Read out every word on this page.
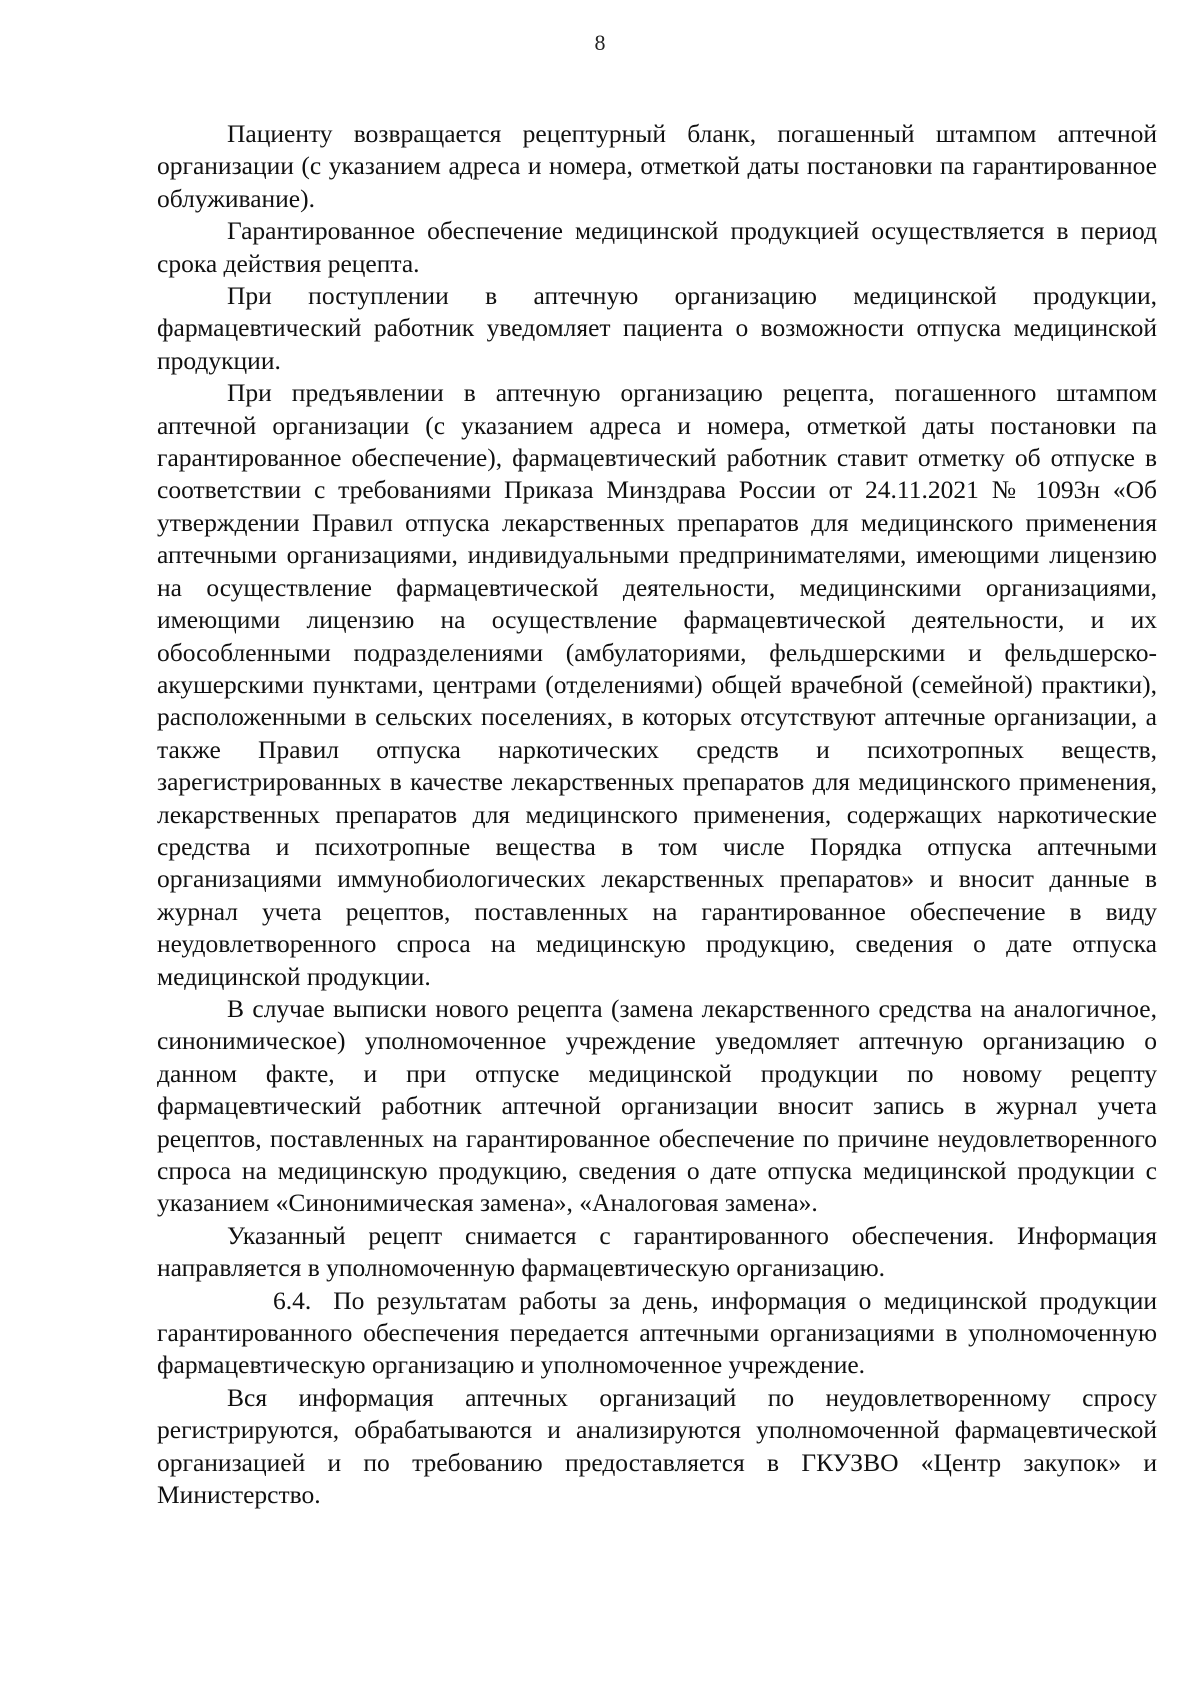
8

Пациенту возвращается рецептурный бланк, погашенный штампом аптечной организации (с указанием адреса и номера, отметкой даты постановки па гарантированное облуживание).

Гарантированное обеспечение медицинской продукцией осуществляется в период срока действия рецепта.

При поступлении в аптечную организацию медицинской продукции, фармацевтический работник уведомляет пациента о возможности отпуска медицинской продукции.

При предъявлении в аптечную организацию рецепта, погашенного штампом аптечной организации (с указанием адреса и номера, отметкой даты постановки па гарантированное обеспечение), фармацевтический работник ставит отметку об отпуске в соответствии с требованиями Приказа Минздрава России от 24.11.2021 № 1093н «Об утверждении Правил отпуска лекарственных препаратов для медицинского применения аптечными организациями, индивидуальными предпринимателями, имеющими лицензию на осуществление фармацевтической деятельности, медицинскими организациями, имеющими лицензию на осуществление фармацевтической деятельности, и их обособленными подразделениями (амбулаториями, фельдшерскими и фельдшерско-акушерскими пунктами, центрами (отделениями) общей врачебной (семейной) практики), расположенными в сельских поселениях, в которых отсутствуют аптечные организации, а также Правил отпуска наркотических средств и психотропных веществ, зарегистрированных в качестве лекарственных препаратов для медицинского применения, лекарственных препаратов для медицинского применения, содержащих наркотические средства и психотропные вещества в том числе Порядка отпуска аптечными организациями иммунобиологических лекарственных препаратов» и вносит данные в журнал учета рецептов, поставленных на гарантированное обеспечение в виду неудовлетворенного спроса на медицинскую продукцию, сведения о дате отпуска медицинской продукции.

В случае выписки нового рецепта (замена лекарственного средства на аналогичное, синонимическое) уполномоченное учреждение уведомляет аптечную организацию о данном факте, и при отпуске медицинской продукции по новому рецепту фармацевтический работник аптечной организации вносит запись в журнал учета рецептов, поставленных на гарантированное обеспечение по причине неудовлетворенного спроса на медицинскую продукцию, сведения о дате отпуска медицинской продукции с указанием «Синонимическая замена», «Аналоговая замена».

Указанный рецепт снимается с гарантированного обеспечения. Информация направляется в уполномоченную фармацевтическую организацию.

6.4. По результатам работы за день, информация о медицинской продукции гарантированного обеспечения передается аптечными организациями в уполномоченную фармацевтическую организацию и уполномоченное учреждение.

Вся информация аптечных организаций по неудовлетворенному спросу регистрируются, обрабатываются и анализируются уполномоченной фармацевтической организацией и по требованию предоставляется в ГКУЗВО «Центр закупок» и Министерство.
